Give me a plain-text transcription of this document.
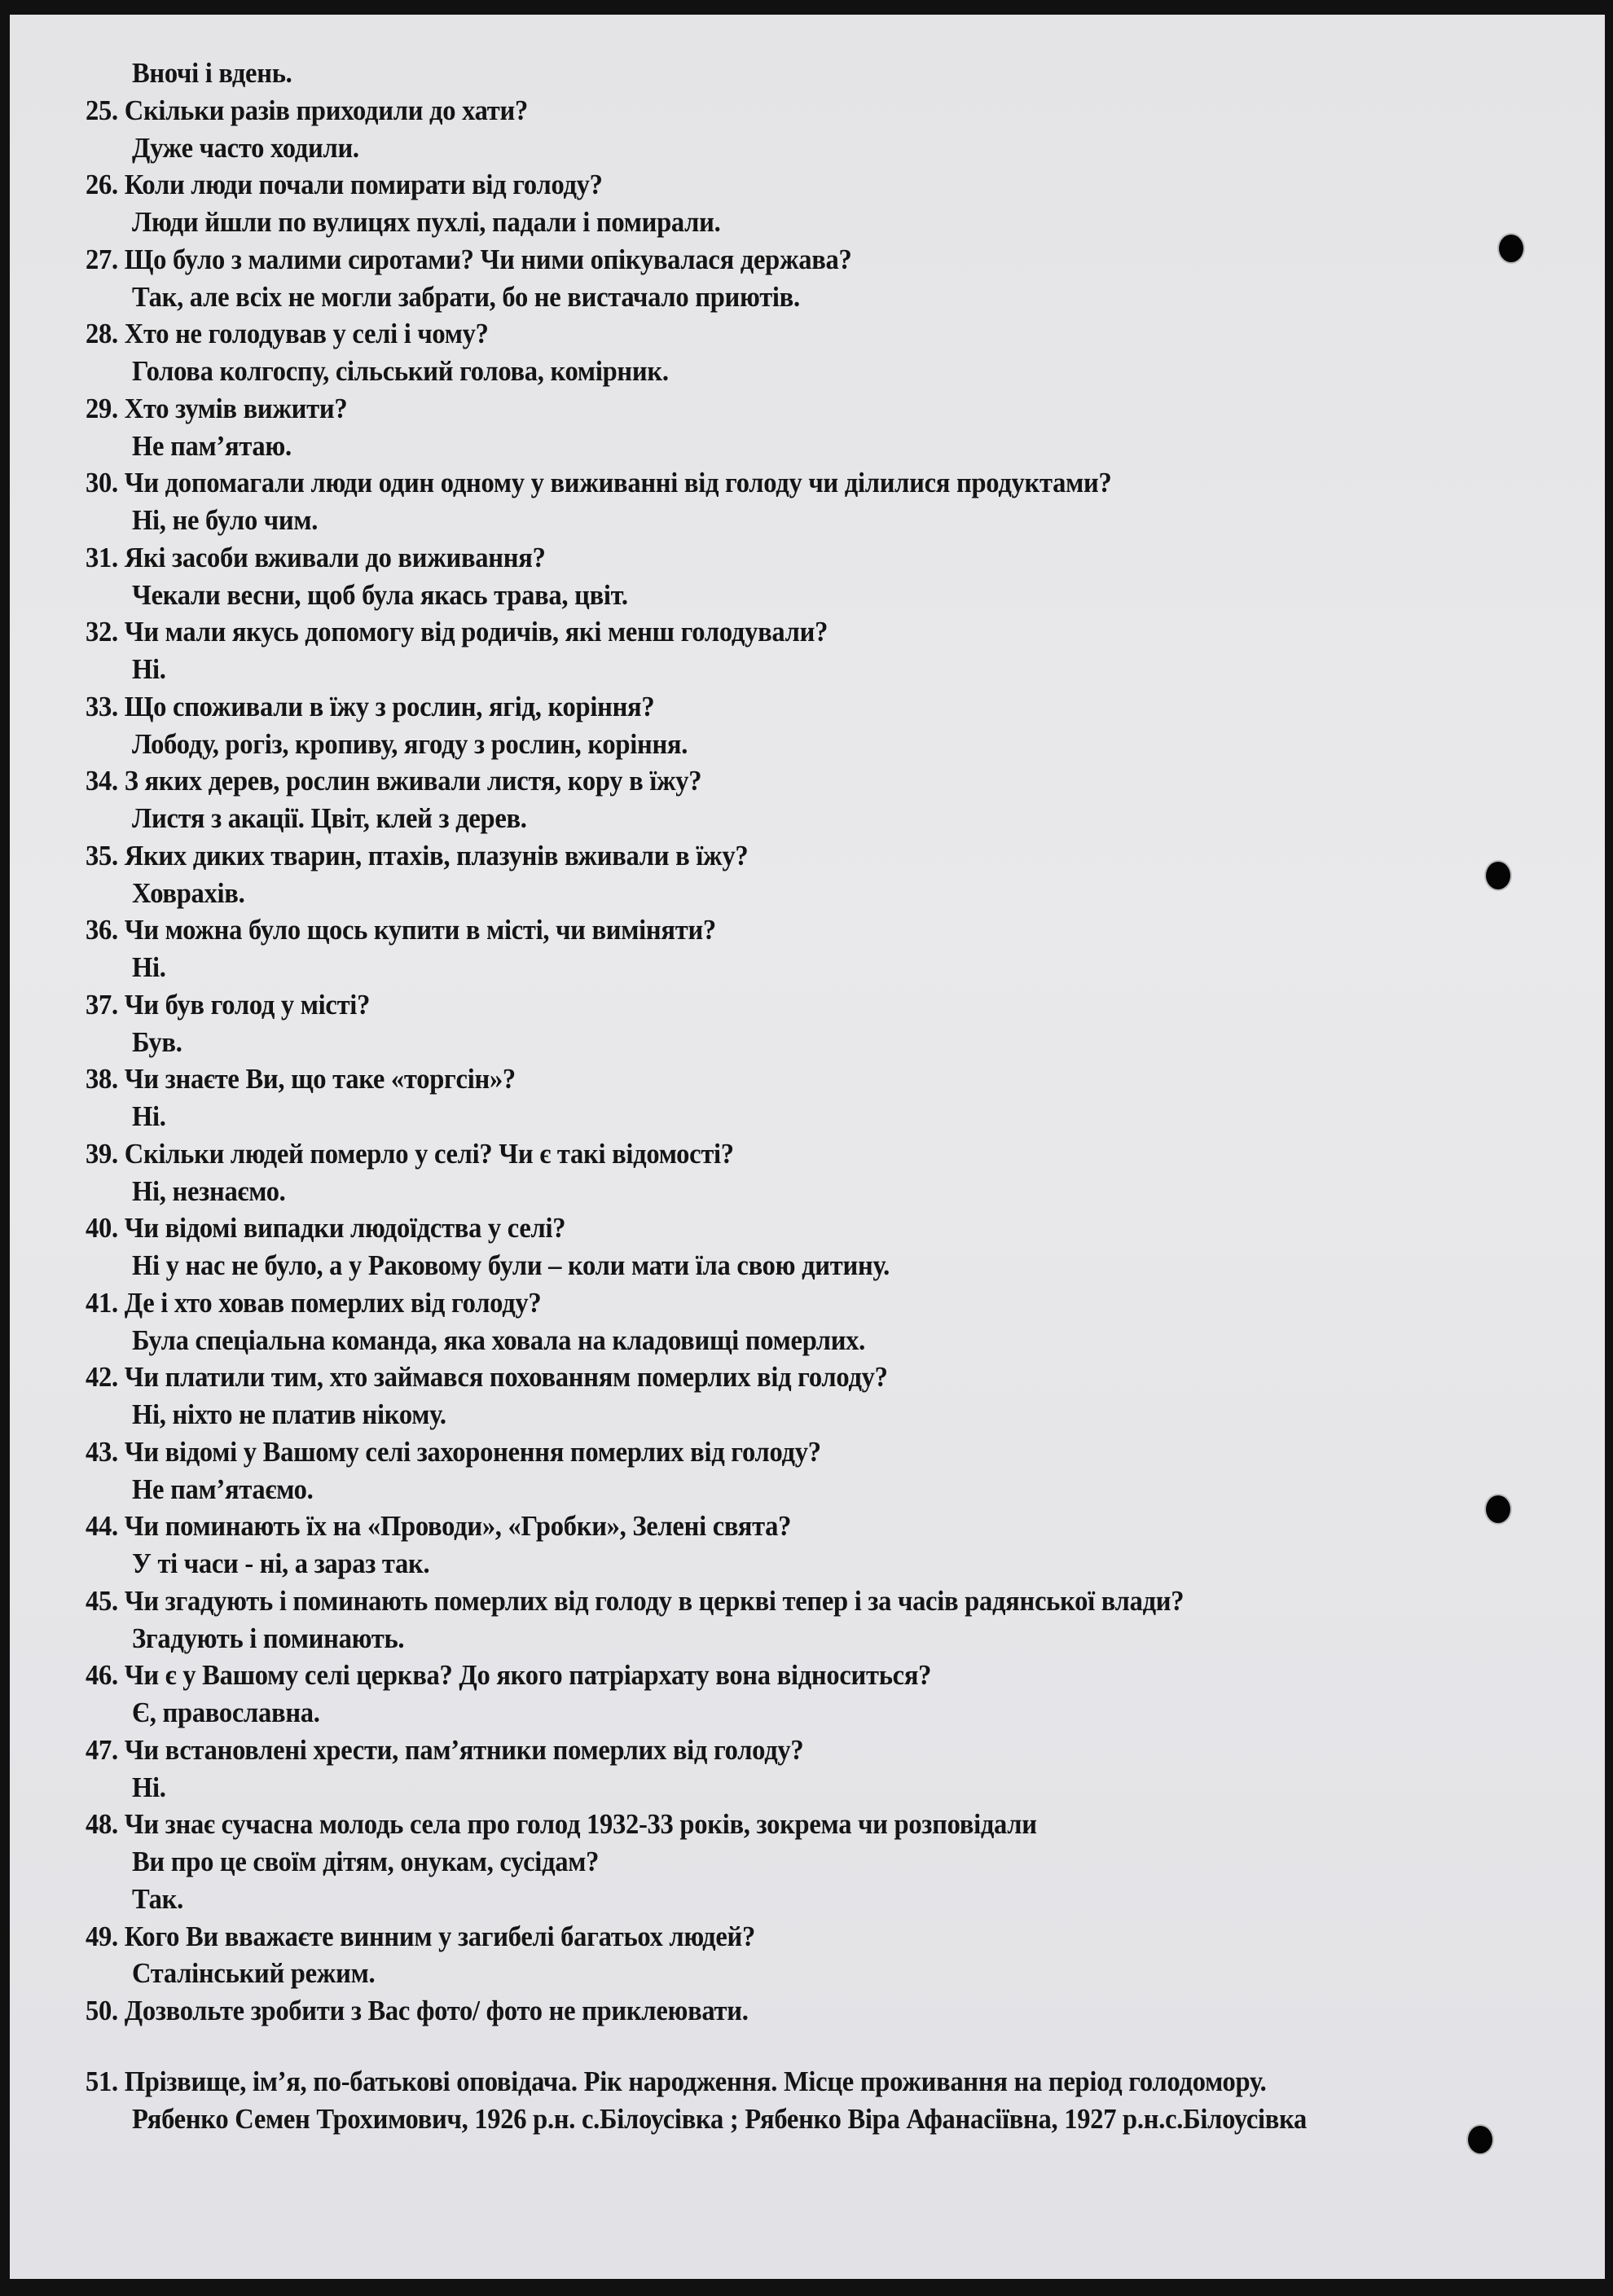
Вночі і вдень.
25. Скільки разів приходили до хати?
Дуже часто ходили.
26. Коли люди почали помирати від голоду?
Люди йшли по вулицях пухлі, падали і помирали.
27. Що було з малими сиротами? Чи ними опікувалася держава?
Так, але всіх не могли забрати, бо не вистачало приютів.
28. Хто не голодував у селі і чому?
Голова колгоспу, сільський голова, комірник.
29. Хто зумів вижити?
Не пам’ятаю.
30. Чи допомагали люди один одному у виживанні від голоду чи ділилися продуктами?
Ні, не було чим.
31. Які засоби вживали до виживання?
Чекали весни, щоб була якась трава, цвіт.
32. Чи мали якусь допомогу від родичів, які менш голодували?
Ні.
33. Що споживали в їжу з рослин, ягід, коріння?
Лободу, рогіз, кропиву, ягоду з рослин, коріння.
34. З яких дерев, рослин вживали листя, кору в їжу?
Листя з акації. Цвіт, клей з дерев.
35. Яких диких тварин, птахів, плазунів вживали в їжу?
Ховрахів.
36. Чи можна було щось купити в місті, чи виміняти?
Ні.
37. Чи був голод у місті?
Був.
38. Чи знаєте Ви, що таке «торгсін»?
Ні.
39. Скільки людей померло у селі? Чи є такі відомості?
Ні, незнаємо.
40. Чи відомі випадки людоїдства у селі?
Ні у нас не було, а у Раковому були – коли мати їла свою дитину.
41. Де і хто ховав померлих від голоду?
Була спеціальна команда, яка ховала на кладовищі померлих.
42. Чи платили тим, хто займався похованням померлих від голоду?
Ні, ніхто не платив нікому.
43. Чи відомі у Вашому селі захоронення померлих від голоду?
Не пам’ятаємо.
44. Чи поминають їх на «Проводи», «Гробки», Зелені свята?
У ті часи - ні, а зараз так.
45. Чи згадують і поминають померлих від голоду в церкві тепер і за часів радянської влади?
Згадують і поминають.
46. Чи є у Вашому селі церква? До якого патріархату вона відноситься?
Є, православна.
47. Чи встановлені хрести, пам’ятники померлих від голоду?
Ні.
48. Чи знає сучасна молодь села про голод 1932-33 років, зокрема чи розповідали
Ви про це своїм дітям, онукам, сусідам?
Так.
49. Кого Ви вважаєте винним у загибелі багатьох людей?
Сталінський режим.
50. Дозвольте зробити з Вас фото/ фото не приклеювати.
51. Прізвище, ім’я, по-батькові оповідача. Рік народження. Місце проживання на період голодомору.
Рябенко Семен Трохимович, 1926 р.н. с.Білоусівка ; Рябенко Віра Афанасіївна, 1927 р.н.с.Білоусівка
